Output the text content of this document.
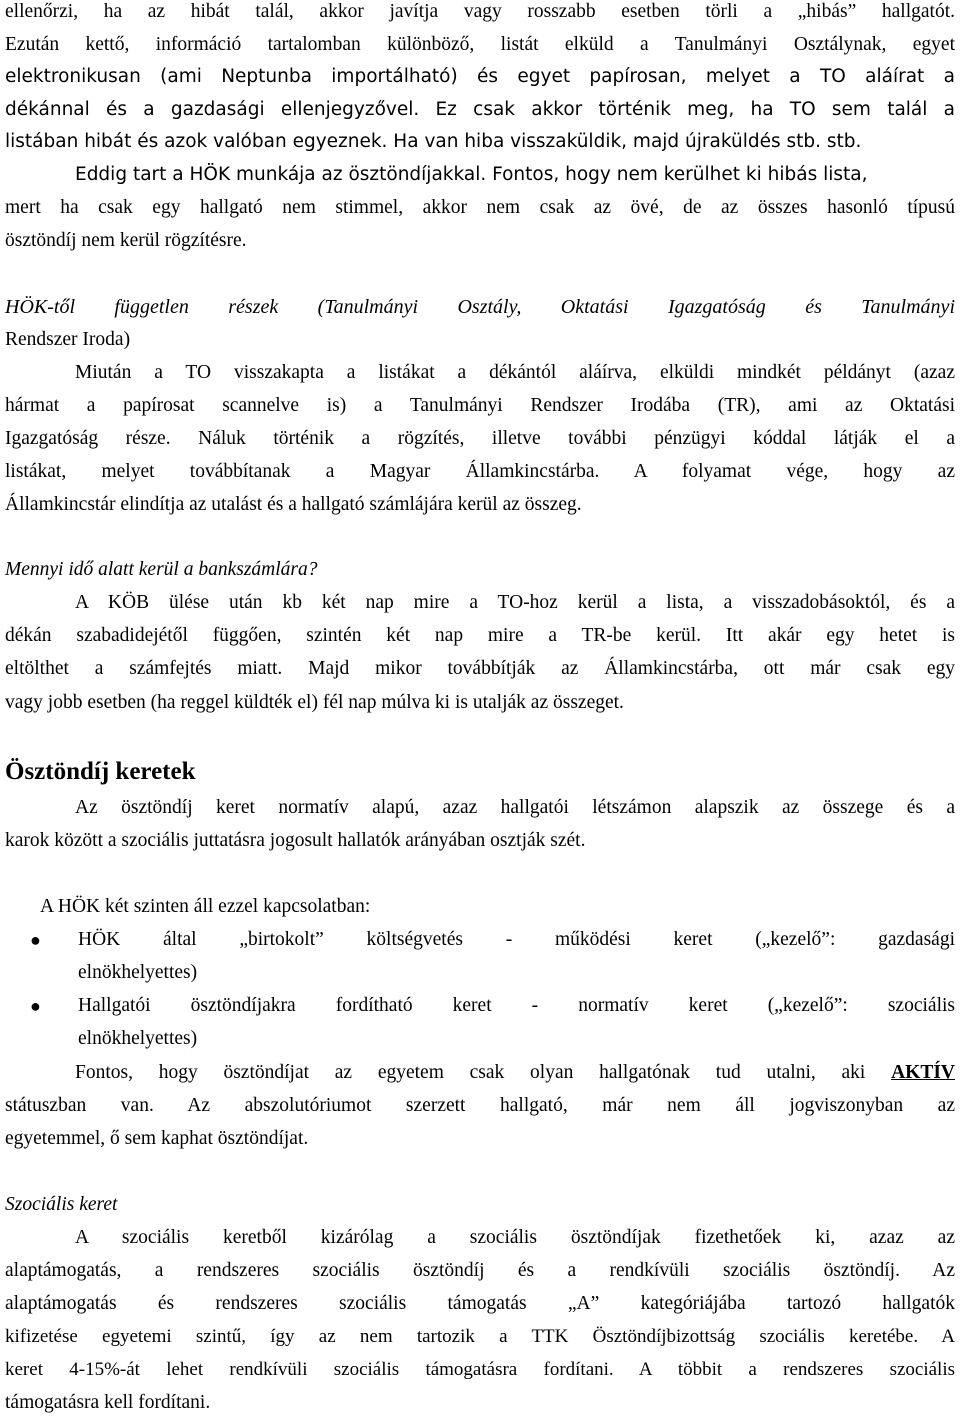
ellenőrzi, ha az hibát talál, akkor javítja vagy rosszabb esetben törli a „hibás” hallgatót.
Ezután kettő, információ tartalomban különböző, listát elküld a Tanulmányi Osztálynak, egyet
elektronikusan (ami Neptunba importálható) és egyet papírosan, melyet a TO aláírat a
dékánnal és a gazdasági ellenjegyzővel. Ez csak akkor történik meg, ha TO sem talál a
listában hibát és azok valóban egyeznek. Ha van hiba visszaküldik, majd újraküldés stb. stb.
Eddig tart a HÖK munkája az ösztöndíjakkal. Fontos, hogy nem kerülhet ki hibás lista,
mert ha csak egy hallgató nem stimmel, akkor nem csak az övé, de az összes hasonló típusú
ösztöndíj nem kerül rögzítésre.
HÖK-től független részek (Tanulmányi Osztály, Oktatási Igazgatóság és Tanulmányi
Rendszer Iroda)
Miután a TO visszakapta a listákat a dékántól aláírva, elküldi mindkét példányt (azaz
hármat a papírosat scannelve is) a Tanulmányi Rendszer Irodába (TR), ami az Oktatási
Igazgatóság része. Náluk történik a rögzítés, illetve további pénzügyi kóddal látják el a
listákat, melyet továbbítanak a Magyar Államkincstárba. A folyamat vége, hogy az
Államkincstár elindítja az utalást és a hallgató számlájára kerül az összeg.
Mennyi idő alatt kerül a bankszámlára?
A KÖB ülése után kb két nap mire a TO-hoz kerül a lista, a visszadobásoktól, és a
dékán szabadidejétől függően, szintén két nap mire a TR-be kerül. Itt akár egy hetet is
eltölthet a számfejtés miatt. Majd mikor továbbítják az Államkincstárba, ott már csak egy
vagy jobb esetben (ha reggel küldték el) fél nap múlva ki is utalják az összeget.
Ösztöndíj keretek
Az ösztöndíj keret normatív alapú, azaz hallgatói létszámon alapszik az összege és a
karok között a szociális juttatásra jogosult hallatók arányában osztják szét.
A HÖK két szinten áll ezzel kapcsolatban:
●	HÖK által „birtokolt” költségvetés - működési keret („kezelő”: gazdasági
elnökhelyettes)
●	Hallgatói ösztöndíjakra fordítható keret - normatív keret („kezelő”: szociális
elnökhelyettes)
Fontos, hogy ösztöndíjat az egyetem csak olyan hallgatónak tud utalni, aki AKTÍV
státuszban van. Az abszolutóriumot szerzett hallgató, már nem áll jogviszonyban az
egyetemmel, ő sem kaphat ösztöndíjat.
Szociális keret
A szociális keretből kizárólag a szociális ösztöndíjak fizethetőek ki, azaz az
alaptámogatás, a rendszeres szociális ösztöndíj és a rendkívüli szociális ösztöndíj. Az
alaptámogatás és rendszeres szociális támogatás „A” kategóriájába tartozó hallgatók
kifizetése egyetemi szintű, így az nem tartozik a TTK Ösztöndíjbizottság szociális keretébe. A
keret 4-15%-át lehet rendkívüli szociális támogatásra fordítani. A többit a rendszeres szociális
támogatásra kell fordítani.
